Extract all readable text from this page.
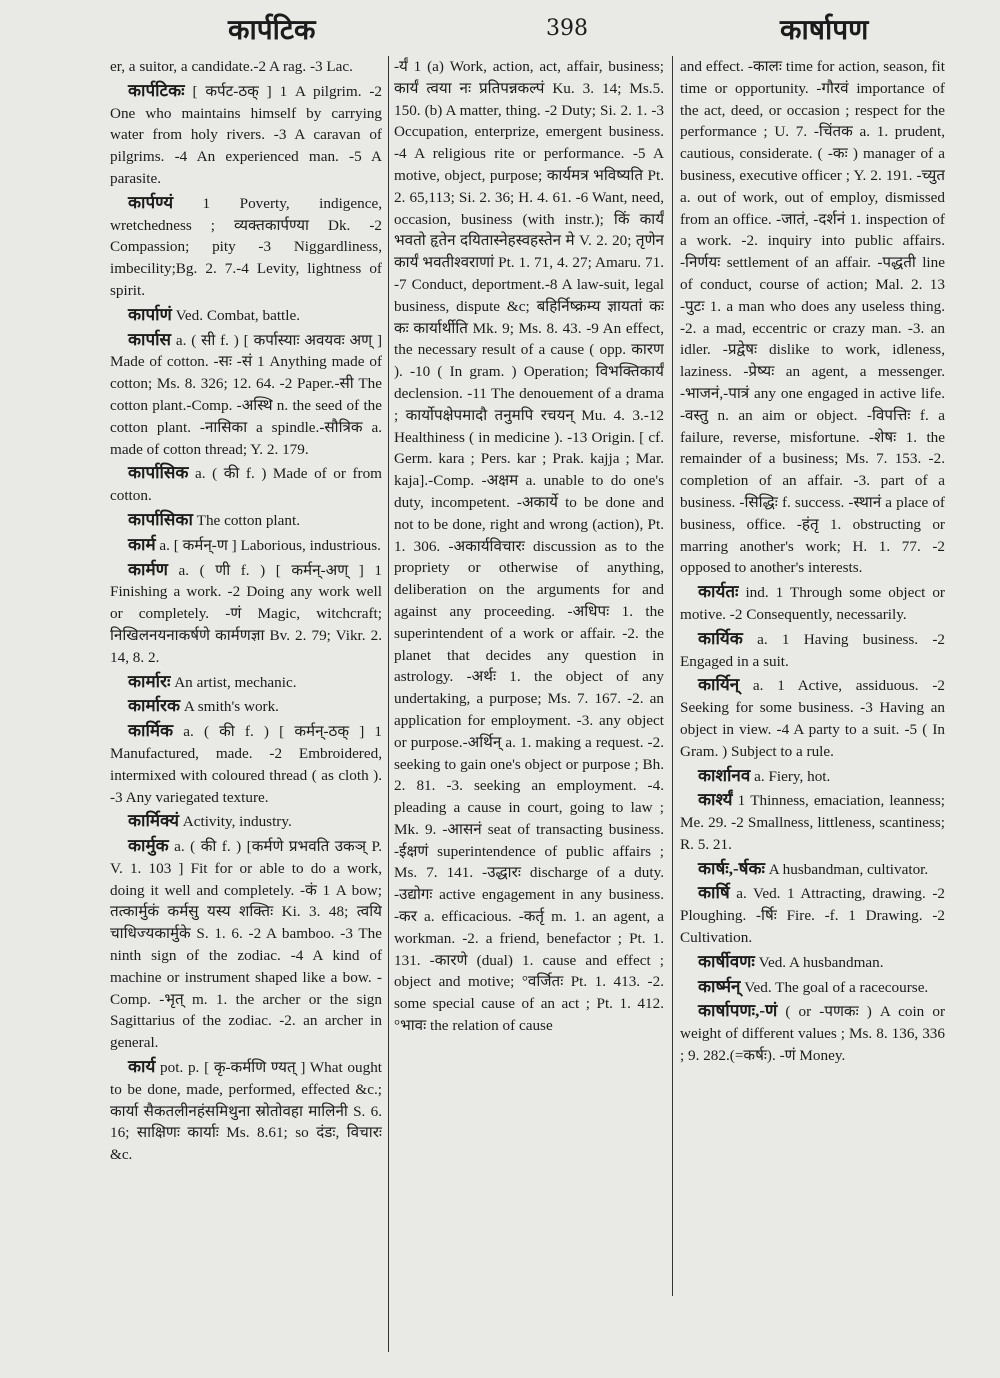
कार्पटिक	398	कार्षापण

er, a suitor, a candidate.-2 A rag. -3 Lac.

कार्पटिकः [ कर्पट-ठक् ] 1 A pilgrim. -2 One who maintains himself by carrying water from holy rivers. -3 A caravan of pilgrims. -4 An experienced man. -5 A parasite.

कार्पण्यं 1 Poverty, indigence, wretchedness ; व्यक्तकार्पण्या Dk. -2 Compassion; pity -3 Niggardliness, imbecility;Bg. 2. 7.-4 Levity, lightness of spirit.

कार्पाणं Ved. Combat, battle.

कार्पास a. ( सी f. ) [ कर्पास्याः अवयवः अण् ] Made of cotton. -सः -सं 1 Anything made of cotton; Ms. 8. 326; 12. 64. -2 Paper.-सी The cotton plant.-Comp. -अस्थि n. the seed of the cotton plant. -नासिका a spindle.-सौत्रिक a. made of cotton thread; Y. 2. 179.

कार्पासिक a. ( की f. ) Made of or from cotton.

कार्पासिका The cotton plant.

कार्म a. [ कर्मन्-ण ] Laborious, industrious.

कार्मण a. ( णी f. ) [ कर्मन्-अण् ] 1 Finishing a work. -2 Doing any work well or completely. -णं Magic, witchcraft; निखिलनयनाकर्षणे कार्मणज्ञा Bv. 2. 79; Vikr. 2. 14, 8. 2.

कार्मारः An artist, mechanic.

कार्मारक A smith's work.

कार्मिक a. ( की f. ) [ कर्मन्-ठक् ] 1 Manufactured, made. -2 Embroidered, intermixed with coloured thread ( as cloth ). -3 Any variegated texture.

कार्मिक्यं Activity, industry.

कार्मुक a. ( की f. ) [कर्मणे प्रभवति उकञ् P. V. 1. 103 ] Fit for or able to do a work, doing it well and completely. -कं 1 A bow; तत्कार्मुकं कर्मसु यस्य शक्तिः Ki. 3. 48; त्वयि चाधिज्यकार्मुके S. 1. 6. -2 A bamboo. -3 The ninth sign of the zodiac. -4 A kind of machine or instrument shaped like a bow. -Comp. -भृत् m. 1. the archer or the sign Sagittarius of the zodiac. -2. an archer in general.

कार्य pot. p. [ कृ-कर्मणि ण्यत् ] What ought to be done, made, performed, effected &c.; कार्या सैकतलीनहंसमिथुना स्रोतोवहा मालिनी S. 6. 16; साक्षिणः कार्याः Ms. 8.61; so दंडः, विचारः &c.

-र्यं 1 (a) Work, action, act, affair, business; कार्यं त्वया नः प्रतिपन्नकल्पं Ku. 3. 14; Ms.5. 150. (b) A matter, thing. -2 Duty; Si. 2. 1. -3 Occupation, enterprize, emergent business. -4 A religious rite or performance. -5 A motive, object, purpose; कार्यमत्र भविष्यति Pt. 2. 65,113; Si. 2. 36; H. 4. 61. -6 Want, need, occasion, business (with instr.); किं कार्यं भवतो हृतेन दयितास्नेहस्वहस्तेन मे V. 2. 20; तृणेन कार्यं भवतीश्वराणां Pt. 1. 71, 4. 27; Amaru. 71. -7 Conduct, deportment.-8 A law-suit, legal business, dispute &c; बहिर्निष्क्रम्य ज्ञायतां कः कः कार्यार्थीति Mk. 9; Ms. 8. 43. -9 An effect, the necessary result of a cause ( opp. कारण ). -10 ( In gram. ) Operation; विभक्तिकार्यं declension. -11 The denouement of a drama ; कार्योपक्षेपमादौ तनुमपि रचयन् Mu. 4. 3.-12 Healthiness ( in medicine ). -13 Origin. [ cf. Germ. kara ; Pers. kar ; Prak. kajja ; Mar. kaja].-Comp. -अक्षम a. unable to do one's duty, incompetent. -अकार्ये to be done and not to be done, right and wrong (action), Pt. 1. 306. -अकार्यविचारः discussion as to the propriety or otherwise of anything, deliberation on the arguments for and against any proceeding. -अधिपः 1. the superintendent of a work or affair. -2. the planet that decides any question in astrology. -अर्थः 1. the object of any undertaking, a purpose; Ms. 7. 167. -2. an application for employment. -3. any object or purpose.-अर्थिन् a. 1. making a request. -2. seeking to gain one's object or purpose ; Bh. 2. 81. -3. seeking an employment. -4. pleading a cause in court, going to law ; Mk. 9. -आसनं seat of transacting business. -ईक्षणं superintendence of public affairs ; Ms. 7. 141. -उद्धारः discharge of a duty. -उद्योगः active engagement in any business. -कर a. efficacious. -कर्तृ m. 1. an agent, a workman. -2. a friend, benefactor ; Pt. 1. 131. -कारणे (dual) 1. cause and effect ; object and motive; °वर्जितः Pt. 1. 413. -2. some special cause of an act ; Pt. 1. 412. °भावः the relation of cause

and effect. -कालः time for action, season, fit time or opportunity. -गौरवं importance of the act, deed, or occasion ; respect for the performance ; U. 7. -चिंतक a. 1. prudent, cautious, considerate. ( -कः ) manager of a business, executive officer ; Y. 2. 191. -च्युत a. out of work, out of employ, dismissed from an office. -जातं, -दर्शनं 1. inspection of a work. -2. inquiry into public affairs. -निर्णयः settlement of an affair. -पद्धती line of conduct, course of action; Mal. 2. 13 -पुटः 1. a man who does any useless thing. -2. a mad, eccentric or crazy man. -3. an idler. -प्रद्वेषः dislike to work, idleness, laziness. -प्रेष्यः an agent, a messenger. -भाजनं,-पात्रं any one engaged in active life. -वस्तु n. an aim or object. -विपत्तिः f. a failure, reverse, misfortune. -शेषः 1. the remainder of a business; Ms. 7. 153. -2. completion of an affair. -3. part of a business. -सिद्धिः f. success. -स्थानं a place of business, office. -हंतृ 1. obstructing or marring another's work; H. 1. 77. -2 opposed to another's interests.

कार्यतः ind. 1 Through some object or motive. -2 Consequently, necessarily.

कार्यिक a. 1 Having business. -2 Engaged in a suit.

कार्यिन् a. 1 Active, assiduous. -2 Seeking for some business. -3 Having an object in view. -4 A party to a suit. -5 ( In Gram. ) Subject to a rule.

कार्शानव a. Fiery, hot.

कार्श्यं 1 Thinness, emaciation, leanness; Me. 29. -2 Smallness, littleness, scantiness; R. 5. 21.

कार्षः,-र्षकः A husbandman, cultivator.

कार्षि a. Ved. 1 Attracting, drawing. -2 Ploughing. -र्षिः Fire. -f. 1 Drawing. -2 Cultivation.

कार्षीवणः Ved. A husbandman.

कार्ष्मन् Ved. The goal of a racecourse.

कार्षापणः,-णं ( or -पणकः ) A coin or weight of different values ; Ms. 8. 136, 336 ; 9. 282.(=कर्षः). -णं Money.
